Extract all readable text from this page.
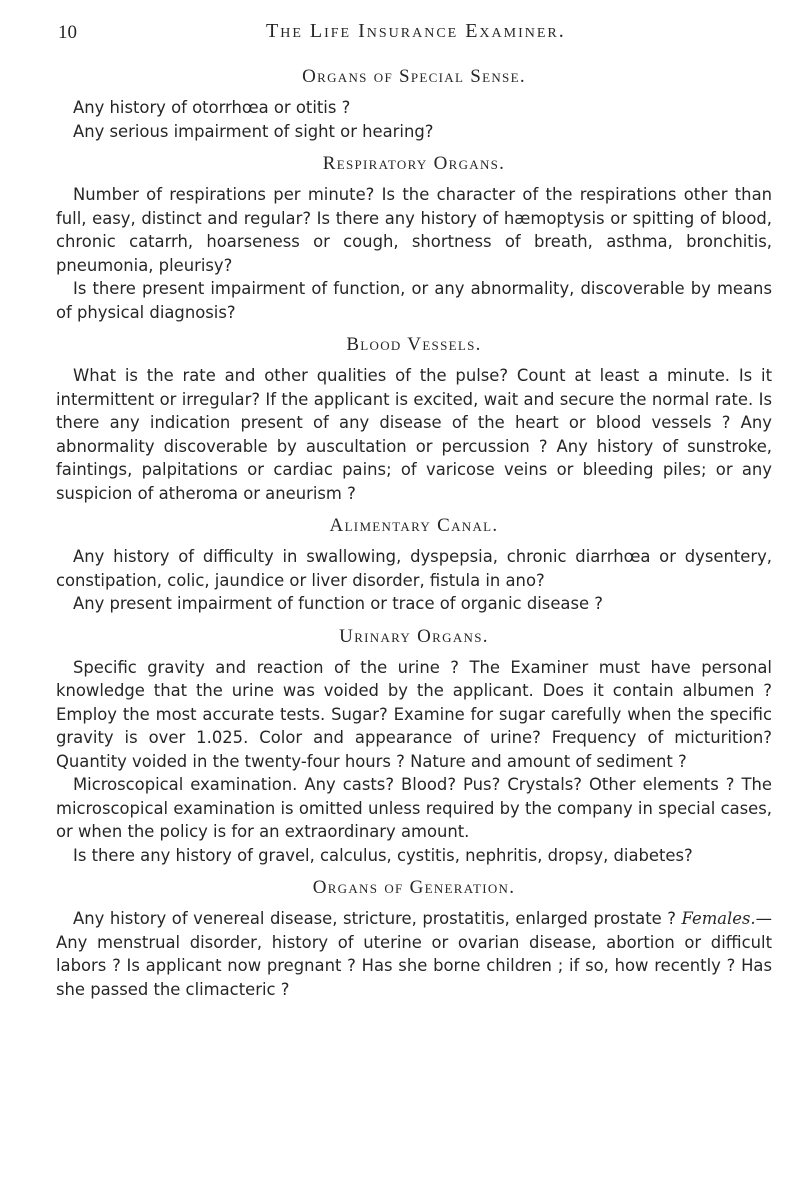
10	The Life Insurance Examiner.
Organs of Special Sense.

Any history of otorrhœa or otitis ?

Any serious impairment of sight or hearing?

Respiratory Organs.

Number of respirations per minute? Is the character of the respirations other than full, easy, distinct and regular? Is there any history of hæmoptysis or spitting of blood, chronic catarrh, hoarseness or cough, shortness of breath, asthma, bronchitis, pneumonia, pleurisy?

Is there present impairment of function, or any abnormality, discoverable by means of physical diagnosis?

Blood Vessels.

What is the rate and other qualities of the pulse? Count at least a minute. Is it intermittent or irregular? If the applicant is excited, wait and secure the normal rate. Is there any indication present of any disease of the heart or blood vessels ? Any abnormality discoverable by auscultation or percussion ? Any history of sunstroke, faintings, palpitations or cardiac pains; of varicose veins or bleeding piles; or any suspicion of atheroma or aneurism ?

Alimentary Canal.

Any history of difficulty in swallowing, dyspepsia, chronic diarrhœa or dysentery, constipation, colic, jaundice or liver disorder, fistula in ano?

Any present impairment of function or trace of organic disease ?

Urinary Organs.

Specific gravity and reaction of the urine ? The Examiner must have personal knowledge that the urine was voided by the applicant. Does it contain albumen ? Employ the most accurate tests. Sugar? Examine for sugar carefully when the specific gravity is over 1.025. Color and appearance of urine? Frequency of micturition? Quantity voided in the twenty-four hours ? Nature and amount of sediment ?

Microscopical examination. Any casts? Blood? Pus? Crystals? Other elements ? The microscopical examination is omitted unless required by the company in special cases, or when the policy is for an extraordinary amount.

Is there any history of gravel, calculus, cystitis, nephritis, dropsy, diabetes?

Organs of Generation.

Any history of venereal disease, stricture, prostatitis, enlarged prostate ? Females.—Any menstrual disorder, history of uterine or ovarian disease, abortion or difficult labors ? Is applicant now pregnant ? Has she borne children ; if so, how recently ? Has she passed the climacteric ?
